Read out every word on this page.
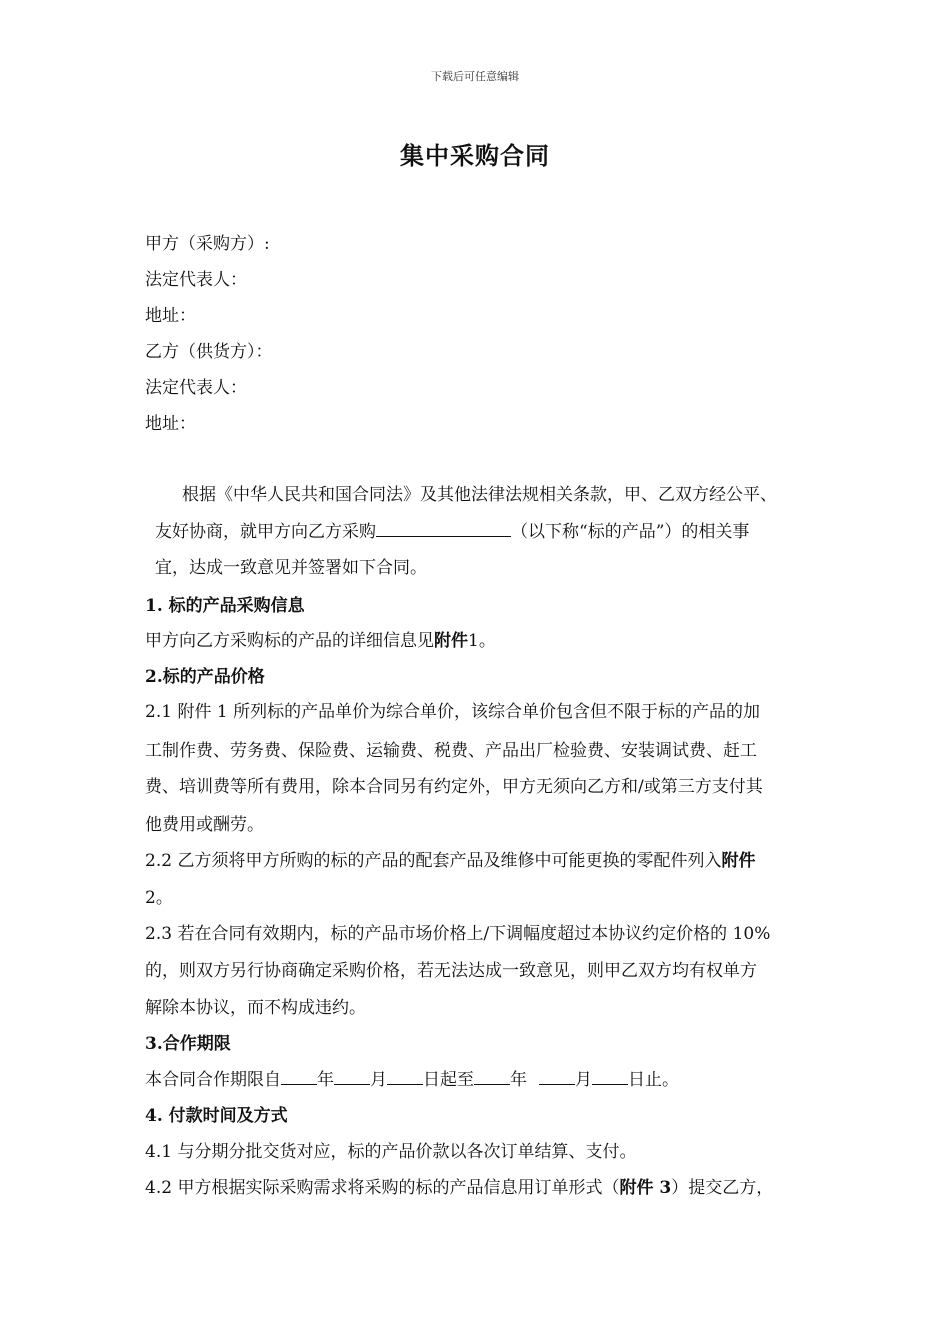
下载后可任意编辑
集中采购合同
甲方（采购方）:
法定代表人：
地址：
乙方（供货方）：
法定代表人：
地址：
根据《中华人民共和国合同法》及其他法律法规相关条款，甲、乙双方经公平、
友好协商，就甲方向乙方采购	（以下称“标的产品”）的相关事
宜，达成一致意见并签署如下合同。
1. 标的产品采购信息
甲方向乙方采购标的产品的详细信息见附件1。
2.标的产品价格
2.1 附件 1 所列标的产品单价为综合单价，该综合单价包含但不限于标的产品的加
工制作费、劳务费、保险费、运输费、税费、产品出厂检验费、安装调试费、赶工
费、培训费等所有费用，除本合同另有约定外，甲方无须向乙方和/或第三方支付其
他费用或酬劳。
2.2 乙方须将甲方所购的标的产品的配套产品及维修中可能更换的零配件列入附件
2。
2.3 若在合同有效期内，标的产品市场价格上/下调幅度超过本协议约定价格的 10%
的，则双方另行协商确定采购价格，若无法达成一致意见，则甲乙双方均有权单方
解除本协议，而不构成违约。
3.合作期限
本合同合作期限自 年 月 日起至 年	月 日止。
4. 付款时间及方式
4.1 与分期分批交货对应，标的产品价款以各次订单结算、支付。
4.2 甲方根据实际采购需求将采购的标的产品信息用订单形式（附件 3）提交乙方，
